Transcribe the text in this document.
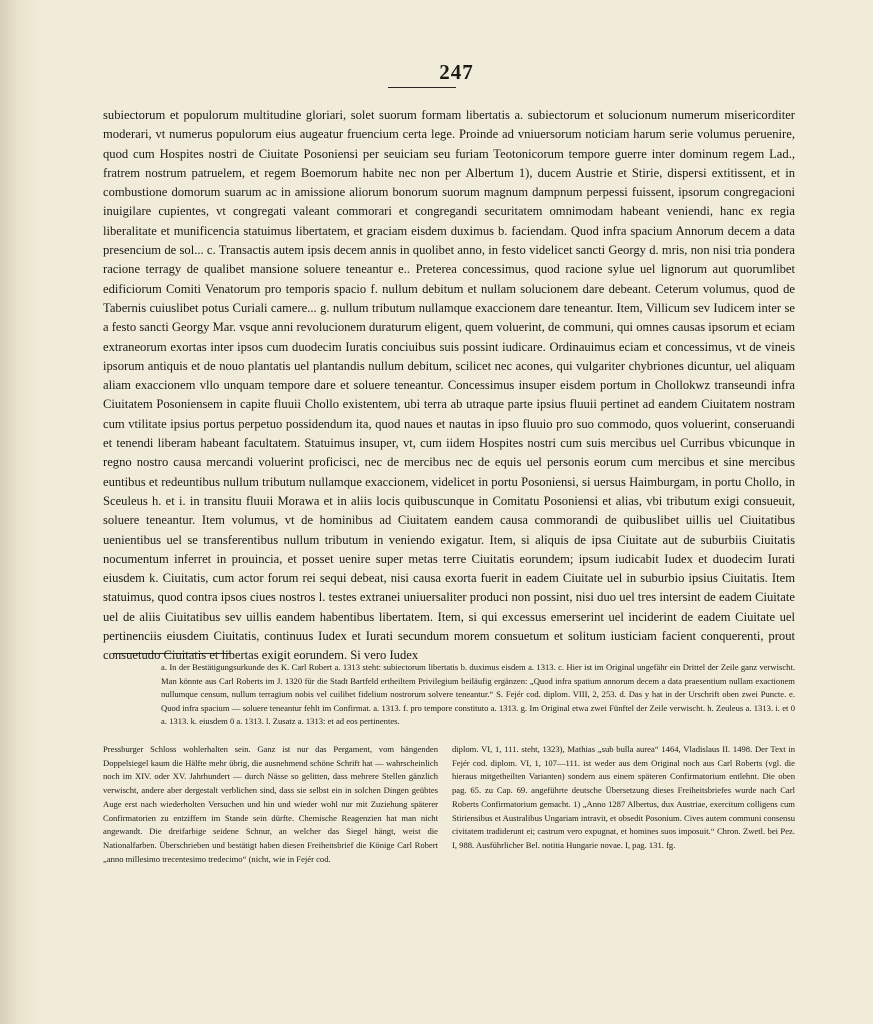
247

subiectorum et populorum multitudine gloriari, solet suorum formam libertatis a. subiectorum et solucionum numerum misericorditer moderari, vt numerus populorum eius augeatur fruencium certa lege. Proinde ad vniuersorum noticiam harum serie volumus peruenire, quod cum Hospites nostri de Ciuitate Posoniensi per seuiciam seu furiam Teotonicorum tempore guerre inter dominum regem Lad., fratrem nostrum patruelem, et regem Boemorum habite nec non per Albertum 1), ducem Austrie et Stirie, dispersi extitissent, et in combustione domorum suarum ac in amissione aliorum bonorum suorum magnum dampnum perpessi fuissent, ipsorum congregacioni inuigilare cupientes, vt congregati valeant commorari et congregandi securitatem omnimodam habeant veniendi, hanc ex regia liberalitate et munificencia statuimus libertatem, et graciam eisdem duximus b. faciendam. Quod infra spacium Annorum decem a data presencium de sol... c. Transactis autem ipsis decem annis in quolibet anno, in festo videlicet sancti Georgy d. mris, non nisi tria pondera racione terragy de qualibet mansione soluere teneantur e.. Preterea concessimus, quod racione sylue uel lignorum aut quorumlibet edificiorum Comiti Venatorum pro temporis spacio f. nullum debitum et nullam solucionem dare debeant. Ceterum volumus, quod de Tabernis cuiuslibet potus Curiali camere... g. nullum tributum nullamque exaccionem dare teneantur. Item, Villicum sev Iudicem inter se a festo sancti Georgy Mar. vsque anni revolucionem duraturum eligent, quem voluerint, de communi, qui omnes causas ipsorum et eciam extraneorum exortas inter ipsos cum duodecim Iuratis conciuibus suis possint iudicare. Ordinauimus eciam et concessimus, vt de vineis ipsorum antiquis et de nouo plantatis uel plantandis nullum debitum, scilicet nec acones, qui vulgariter chybriones dicuntur, uel aliquam aliam exaccionem vllo unquam tempore dare et soluere teneantur. Concessimus insuper eisdem portum in Chollokwz transeundi infra Ciuitatem Posoniensem in capite fluuii Chollo existentem, ubi terra ab utraque parte ipsius fluuii pertinet ad eandem Ciuitatem nostram cum vtilitate ipsius portus perpetuo possidendum ita, quod naues et nautas in ipso fluuio pro suo commodo, quos voluerint, conseruandi et tenendi liberam habeant facultatem. Statuimus insuper, vt, cum iidem Hospites nostri cum suis mercibus uel Curribus vbicunque in regno nostro causa mercandi voluerint proficisci, nec de mercibus nec de equis uel personis eorum cum mercibus et sine mercibus euntibus et redeuntibus nullum tributum nullamque exaccionem, videlicet in portu Posoniensi, si uersus Haimburgam, in portu Chollo, in Sceuleus h. et i. in transitu fluuii Morawa et in aliis locis quibuscunque in Comitatu Posoniensi et alias, vbi tributum exigi consueuit, soluere teneantur. Item volumus, vt de hominibus ad Ciuitatem eandem causa commorandi de quibuslibet uillis uel Ciuitatibus uenientibus uel se transferentibus nullum tributum in veniendo exigatur. Item, si aliquis de ipsa Ciuitate aut de suburbiis Ciuitatis nocumentum inferret in prouincia, et posset uenire super metas terre Ciuitatis eorundem; ipsum iudicabit Iudex et duodecim Iurati eiusdem k. Ciuitatis, cum actor forum rei sequi debeat, nisi causa exorta fuerit in eadem Ciuitate uel in suburbio ipsius Ciuitatis. Item statuimus, quod contra ipsos ciues nostros l. testes extranei uniuersaliter produci non possint, nisi duo uel tres intersint de eadem Ciuitate uel de aliis Ciuitatibus sev uillis eandem habentibus libertatem. Item, si qui excessus emerserint uel inciderint de eadem Ciuitate uel pertinenciis eiusdem Ciuitatis, continuus Iudex et Iurati secundum morem consuetum et solitum iusticiam facient conquerenti, prout consuetudo Ciuitatis et libertas exigit eorundem. Si vero Iudex

a. In der Bestätigungsurkunde des K. Carl Robert a. 1313 steht: subiectorum libertatis b. duximus eisdem a. 1313. c. Hier ist im Original ungefähr ein Drittel der Zeile ganz verwischt. Man könnte aus Carl Roberts im J. 1320 für die Stadt Bartfeld ertheiltem Privilegium beiläufig ergänzen: „Quod infra spatium annorum decem a data praesentium nullam exactionem nullumque censum, nullum terragium nobis vel cuilibet fidelium nostrorum solvere teneantur.“ S. Fejér cod. diplom. VIII, 2, 253. d. Das y hat in der Urschrift oben zwei Puncte. e. Quod infra spacium — soluere teneantur fehlt im Confirmat. a. 1313. f. pro tempore constituto a. 1313. g. Im Original etwa zwei Fünftel der Zeile verwischt. h. Zeuleus a. 1313. i. et 0 a. 1313. k. eiusdem 0 a. 1313. l. Zusatz a. 1313: et ad eos pertinentes.

Pressburger Schloss wohlerhalten sein. Ganz ist nur das Pergament, vom hängenden Doppelsiegel kaum die Hälfte mehr übrig, die ausnehmend schöne Schrift hat — wahrscheinlich noch im XIV. oder XV. Jahrhundert — durch Nässe so gelitten, dass mehrere Stellen gänzlich verwischt, andere aber dergestalt verblichen sind, dass sie selbst ein in solchen Dingen geübtes Auge erst nach wiederholten Versuchen und hin und wieder wohl nur mit Zuziehung späterer Confirmatorien zu entziffern im Stande sein dürfte. Chemische Reagenzien hat man nicht angewandt. Die dreifarbige seidene Schnur, an welcher das Siegel hängt, weist die Nationalfarben. Überschrieben und bestätigt haben diesen Freiheitsbrief die Könige Carl Robert „anno millesimo trecentesimo tredecimo“ (nicht, wie in Fejér cod.

diplom. VI, 1, 111. steht, 1323), Mathias „sub bulla aurea“ 1464, Vladislaus II. 1498. Der Text in Fejér cod. diplom. VI, 1, 107—111. ist weder aus dem Original noch aus Carl Roberts (vgl. die hieraus mitgetheilten Varianten) sondern aus einem späteren Confirmatorium entlehnt. Die oben pag. 65. zu Cap. 69. angeführte deutsche Übersetzung dieses Freiheitsbriefes wurde nach Carl Roberts Confirmatorium gemacht. 1) „Anno 1287 Albertus, dux Austriae, exercitum colligens cum Stiriensibus et Australibus Ungariam intravit, et obsedit Posonium. Cives autem communi consensu civitatem tradiderunt ei; castrum vero expugnat, et homines suos imposuit.“ Chron. Zwetl. bei Pez. I, 988. Ausführlicher Bel. notitia Hungarie novae. I, pag. 131. fg.
